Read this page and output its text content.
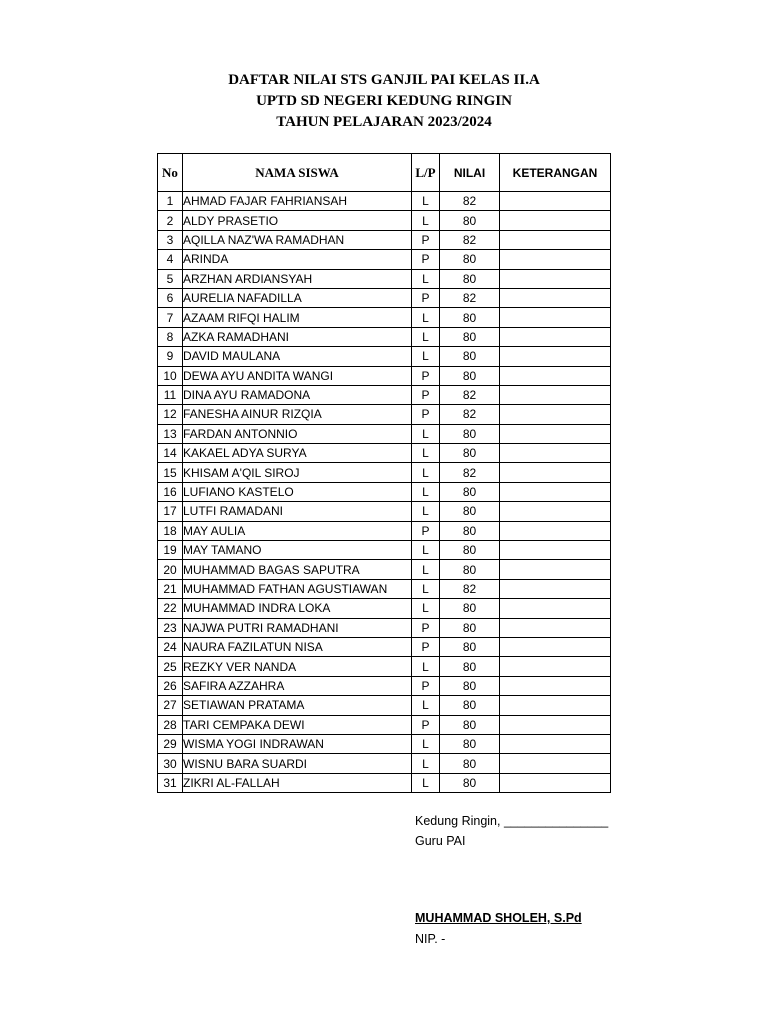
DAFTAR NILAI STS GANJIL PAI KELAS II.A
UPTD SD NEGERI KEDUNG RINGIN
TAHUN PELAJARAN 2023/2024
No	NAMA SISWA	L/P	NILAI	KETERANGAN
1	AHMAD FAJAR FAHRIANSAH	L	82	
2	ALDY PRASETIO	L	80	
3	AQILLA NAZ'WA RAMADHAN	P	82	
4	ARINDA	P	80	
5	ARZHAN ARDIANSYAH	L	80	
6	AURELIA NAFADILLA	P	82	
7	AZAAM RIFQI HALIM	L	80	
8	AZKA RAMADHANI	L	80	
9	DAVID MAULANA	L	80	
10	DEWA AYU ANDITA WANGI	P	80	
11	DINA AYU RAMADONA	P	82	
12	FANESHA AINUR RIZQIA	P	82	
13	FARDAN ANTONNIO	L	80	
14	KAKAEL ADYA SURYA	L	80	
15	KHISAM A'QIL SIROJ	L	82	
16	LUFIANO KASTELO	L	80	
17	LUTFI RAMADANI	L	80	
18	MAY AULIA	P	80	
19	MAY TAMANO	L	80	
20	MUHAMMAD BAGAS SAPUTRA	L	80	
21	MUHAMMAD FATHAN AGUSTIAWAN	L	82	
22	MUHAMMAD INDRA LOKA	L	80	
23	NAJWA PUTRI RAMADHANI	P	80	
24	NAURA FAZILATUN NISA	P	80	
25	REZKY VER NANDA	L	80	
26	SAFIRA AZZAHRA	P	80	
27	SETIAWAN PRATAMA	L	80	
28	TARI CEMPAKA DEWI	P	80	
29	WISMA YOGI INDRAWAN	L	80	
30	WISNU BARA SUARDI	L	80	
31	ZIKRI AL-FALLAH	L	80	
Kedung Ringin, _______________
Guru PAI
MUHAMMAD SHOLEH, S.Pd
NIP. -
